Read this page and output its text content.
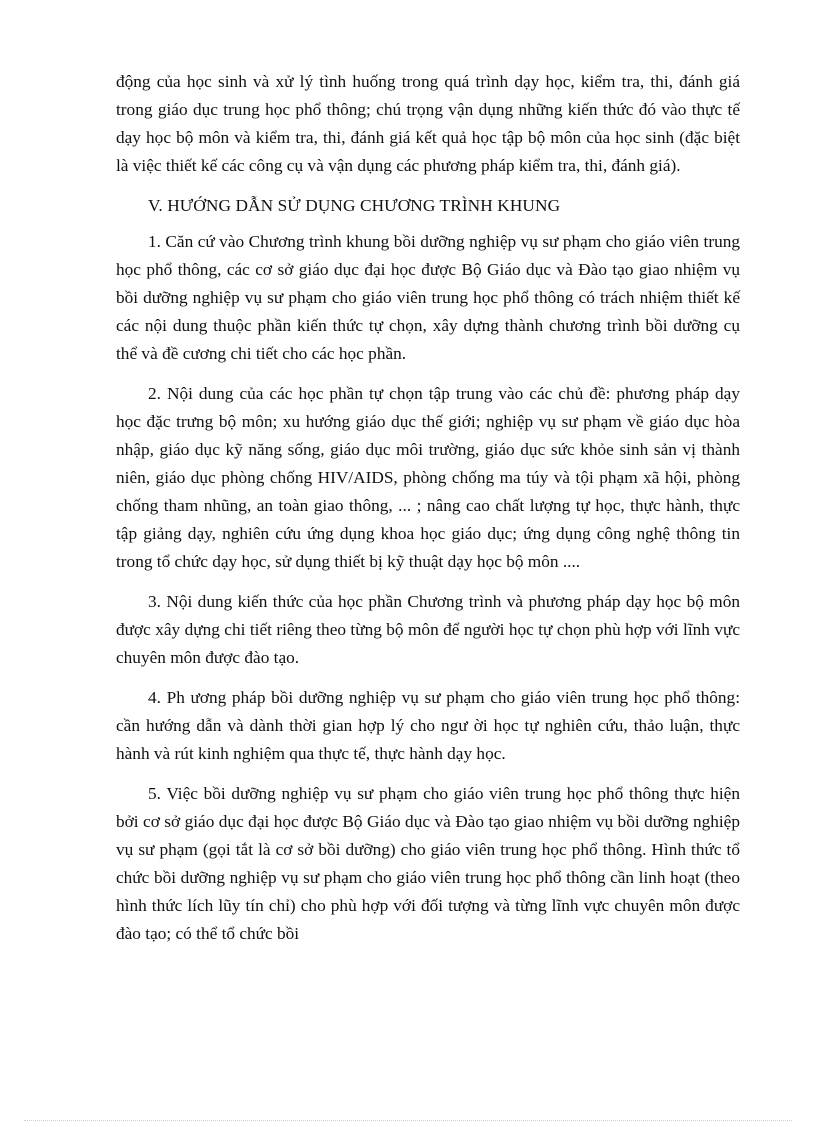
động của học sinh và xử lý tình huống trong quá trình dạy học, kiểm tra, thi, đánh giá trong giáo dục trung học phổ thông; chú trọng vận dụng những kiến thức đó vào thực tế dạy học bộ môn và kiểm tra, thi, đánh giá kết quả học tập bộ môn của học sinh (đặc biệt là việc thiết kế các công cụ và vận dụng các phương pháp kiểm tra, thi, đánh giá).

V. HƯỚNG DẪN SỬ DỤNG CHƯƠNG TRÌNH KHUNG

1. Căn cứ vào Chương trình khung bồi dưỡng nghiệp vụ sư phạm cho giáo viên trung học phổ thông, các cơ sở giáo dục đại học được Bộ Giáo dục và Đào tạo giao nhiệm vụ bồi dưỡng nghiệp vụ sư phạm cho giáo viên trung học phổ thông có trách nhiệm thiết kế các nội dung thuộc phần kiến thức tự chọn, xây dựng thành chương trình bồi dưỡng cụ thể và đề cương chi tiết cho các học phần.

2. Nội dung của các học phần tự chọn tập trung vào các chủ đề: phương pháp dạy học đặc trưng bộ môn; xu hướng giáo dục thế giới; nghiệp vụ sư phạm về giáo dục hòa nhập, giáo dục kỹ năng sống, giáo dục môi trường, giáo dục sức khỏe sinh sản vị thành niên, giáo dục phòng chống HIV/AIDS, phòng chống ma túy và tội phạm xã hội, phòng chống tham nhũng, an toàn giao thông, ... ; nâng cao chất lượng tự học, thực hành, thực tập giảng dạy, nghiên cứu ứng dụng khoa học giáo dục; ứng dụng công nghệ thông tin trong tổ chức dạy học, sử dụng thiết bị kỹ thuật dạy học bộ môn ....

3. Nội dung kiến thức của học phần Chương trình và phương pháp dạy học bộ môn được xây dựng chi tiết riêng theo từng bộ môn để người học tự chọn phù hợp với lĩnh vực chuyên môn được đào tạo.

4. Ph ương pháp bồi dưỡng nghiệp vụ sư phạm cho giáo viên trung học phổ thông: cần hướng dẫn và dành thời gian hợp lý cho ngư ời học tự nghiên cứu, thảo luận, thực hành và rút kinh nghiệm qua thực tế, thực hành dạy học.

5. Việc bồi dưỡng nghiệp vụ sư phạm cho giáo viên trung học phổ thông thực hiện bởi cơ sở giáo dục đại học được Bộ Giáo dục và Đào tạo giao nhiệm vụ bồi dưỡng nghiệp vụ sư phạm (gọi tắt là cơ sở bồi dưỡng) cho giáo viên trung học phổ thông. Hình thức tổ chức bồi dưỡng nghiệp vụ sư phạm cho giáo viên trung học phổ thông cần linh hoạt (theo hình thức lích lũy tín chỉ) cho phù hợp với đối tượng và từng lĩnh vực chuyên môn được đào tạo; có thể tổ chức bồi
